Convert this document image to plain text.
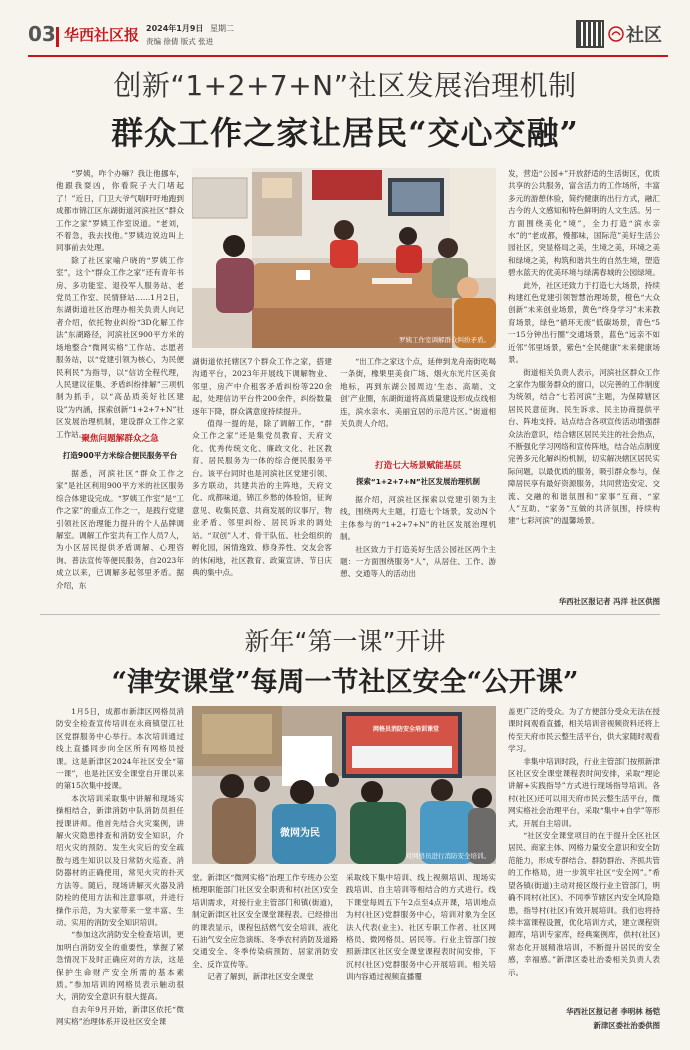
03 华西社区报 2024年1月9日 星期二
责编 徐倩 版式 张进	社区
创新“1+2+7+N”社区发展治理机制
群众工作之家让居民“交心交融”

“罗姨，咋个办嘛？我让他挪车，他跟我耍凶，你看院子大门堵起了！”近日，门卫大爷气喘吁吁地跑到成都市锦江区东湖街道河滨社区“群众工作之家”罗姨工作室说道。“老刘，不着急，我去找他。”罗姨边说边叫上同事前去处理。

除了社区家喻户晓的“罗姨工作室”，这个“群众工作之家”还有青年书房、多功能室、退役军人服务站、老党员工作室、民情驿站……1月2日，东湖街道社区治理办相关负责人向记者介绍，依托物业纠纷“3D化解工作法”东湖路径，河滨社区900平方米的场地整合“微网实格”工作站、志愿者服务站，以“党建引领为核心，为民便民利民”为指导，以“信访全程代理，人民建议征集、矛盾纠纷排解”三项机制为抓手，以“高品质美好社区建设”为内涵，探索创新“1+2+7+N”社区发展治理机制，建设群众工作之家工作站。

聚焦问题解群众之急
打造900平方米综合便民服务平台

据悉，河滨社区“群众工作之家”是社区利用900平方米的社区服务综合体建设完成。“罗姨工作室”是“工作之家”的重点工作之一，是践行党建引领社区治理能力提升的个人品牌调解室。调解工作室共有工作人员7人，为小区居民提供矛盾调解、心理咨询、普法宣传等便民服务，自2023年成立以来，已调解多起邻里矛盾。据介绍，东

罗姨工作室调解群众纠纷矛盾。

湖街道依托辖区7个群众工作之家，搭建沟通平台，2023年开展线下调解物业、邻里、房产中介租客矛盾纠纷等220余起，处理信访平台件200余件，纠纷数量逐年下降，群众满意度持续提升。

值得一提的是，除了调解工作，“群众工作之家”还是集党员教育、天府文化、优秀传统文化、廉政文化、社区教育、居民服务为一体的综合便民服务平台。该平台同时也是河滨社区党建引领、多方联动，共建共治的主阵地，天府文化、成都味道，锦江乡愁的体验馆，征询意见、收集民意、共商发展的议事厅，物业矛盾、邻里纠纷、居民诉求的调处站。“双创”人才、骨干队伍、社会组织的孵化园，闲情逸致、修身养性、交友会客的休闲地，社区教育、政策宣讲、节日庆典的集中点。

“出工作之家这个点，延伸到龙舟南街吃喝一条街，橡果里美食广场、烟火东光片区美食地标，再到东湖公园周边‘生态、高端、文创’产业圈，东湖街道将高质量建设形成点线相连，滨水亲水、美丽宜居的示范片区。”街道相关负责人介绍。

打造七大场景赋能基层
探索“1+2+7+N”社区发展治理机制

据介绍，河滨社区探索以党建引领为主线，围绕两大主题，打造七个场景，发动N个主体参与的“1+2+7+N”的社区发展治理机制。

社区致力于打造美好生活公园社区两个主题：一方面围绕服务“人”，从居住、工作、游憩、交通等人的活动出

发，营造“公园+”开放舒适的生活街区，优质共享的公共服务，富含活力的工作场所，丰富多元的游憩休验，简约健康的出行方式，融汇古今的人文感知和特色鲜明的人文生活。另一方面围绕美化“境”，全力打造“滨水亲水”的“老成都，慢都味，国际范”美好生活公园社区，突显格局之美，生境之美，环境之美和绿境之美，构筑和谐共生的自然生境，塑造碧水蓝天的优美环境与绿满春城的公园绿境。

此外，社区还致力于打造七大场景，持续构建红色党建引领智慧治理场景，橙色“大众创新”未来创业场景，黄色“终身学习”未来教育场景，绿色“循环无废”低碳场景，青色“5一15分钟出行圈”交通场景，蓝色“远亲不如近邻”邻里场景，紫色“全民健康”未来健康场景。

街道相关负责人表示，河滨社区群众工作之家作为服务群众的窗口，以完善的工作制度为统领，结合“七若河滨”主题，为保障辖区居民民意征询、民生诉求、民主协商提供平台、阵地支持。站点结合各项宣传活动增强群众法治意识，结合辖区居民关注的社会热点，不断强化学习网络和宣传阵地，结合站点制度完善多元化解纠纷机制，切实解决辖区居民实际问题，以最优质的服务，吸引群众参与，保障居民享有最好资源服务，共同营造安定、交流、交融的和谐氛围和“家事”互商、“家人”互助、“家务”互做的共济氛围，持续构建“七彩河滨”的温馨场景。

华西社区报记者 冯洋 社区供图
新年“第一课”开讲
“津安课堂”每周一节社区安全“公开课”

1月5日，成都市新津区网格员消防安全检查宣传培训在永商镇望江社区党群服务中心举行。本次培训通过线上直播同步向全区所有网格员授课。这是新津区2024年社区安全“第一课”，也是社区安全课堂自开课以来的第15次集中授课。

本次培训采取集中讲解和现场实操相结合，新津消防中队消防员担任授课讲师。他首先结合火灾案例，讲解火灾隐患排查和消防安全知识，介绍火灾的预防、发生火灾后的安全疏散与逃生知识以及日常防火巡查、消防器材的正确使用，常见火灾的扑灭方法等。随后，现场讲解灭火器及消防栓的使用方法和注意事项，并进行操作示范，为大家带来一堂丰富、生动、实用的消防安全知识培训。

“参加这次消防安全检查培训，更加明白消防安全的重要性，掌握了紧急情况下及时正确应对的方法，这是保护生命财产安全所需的基本素质。”参加培训的网格员表示触动很大，消防安全意识有很大提高。

自去年9月开始，新津区依托“微网实格”治理体系开设社区安全课

网格员消防安全培训课堂
微网为民
对网格员进行消防安全培训。

堂。新津区“微网实格”治理工作专班办公室梳理职能部门社区安全职责和村(社区)安全培训需求，对接行业主管部门和镇(街道)，制定新津区社区安全课堂课程表。已经排出的课表显示，课程包括燃气安全培训、液化石油气安全应急演练、冬季农村消防及道路交通安全、冬季传染病预防、居家消防安全、反诈宣传等。

记者了解到，新津社区安全课堂

采取线下集中培训、线上视频培训、现场实践培训、自主培训等相结合的方式进行。线下课堂每周五下午2点至4点开课，培训地点为村(社区)党群服务中心，培训对象为全区法人代表(业主)、社区专职工作者、社区网格员、微网格员、居民等。行业主管部门按照新津区社区安全课堂课程表时间安排，下沉村(社区)党群服务中心开展培训。相关培训内容通过视频直播覆

盖更广泛的受众。为了方便部分受众无法在授课时间观看直播，相关培训音视频资料还将上传至天府市民云整生活平台，供大家随时观看学习。

非集中培训时段，行业主管部门按照新津区社区安全课堂课程表时间安排，采取“理论讲解+实践指导”方式进行现场指导培训。各村(社区)还可以用天府市民云整生活平台，微网实格社会治理平台，采取“集中+自学”等形式，开展自主培训。

“社区安全课堂项目的在于提升全区社区居民、商家主体、网格力量安全意识和安全防范能力，形成专群结合、群防群治、齐抓共管的工作格局，进一步筑牢社区“安全网”。”希望各镇(街道)主动对接区级行业主管部门，明确不同村(社区)、不同季节辖区内安全风险隐患，指导村(社区)有效开展培训。我们也将持续丰富课程设置，优化培训方式，建立课程资源库，培训专家库，经典案例库，供村(社区)常态化开展精准培训，不断提升居民的安全感，幸福感。”新津区委社治委相关负责人表示。

华西社区报记者 李明林 杨铠
新津区委社治委供图
